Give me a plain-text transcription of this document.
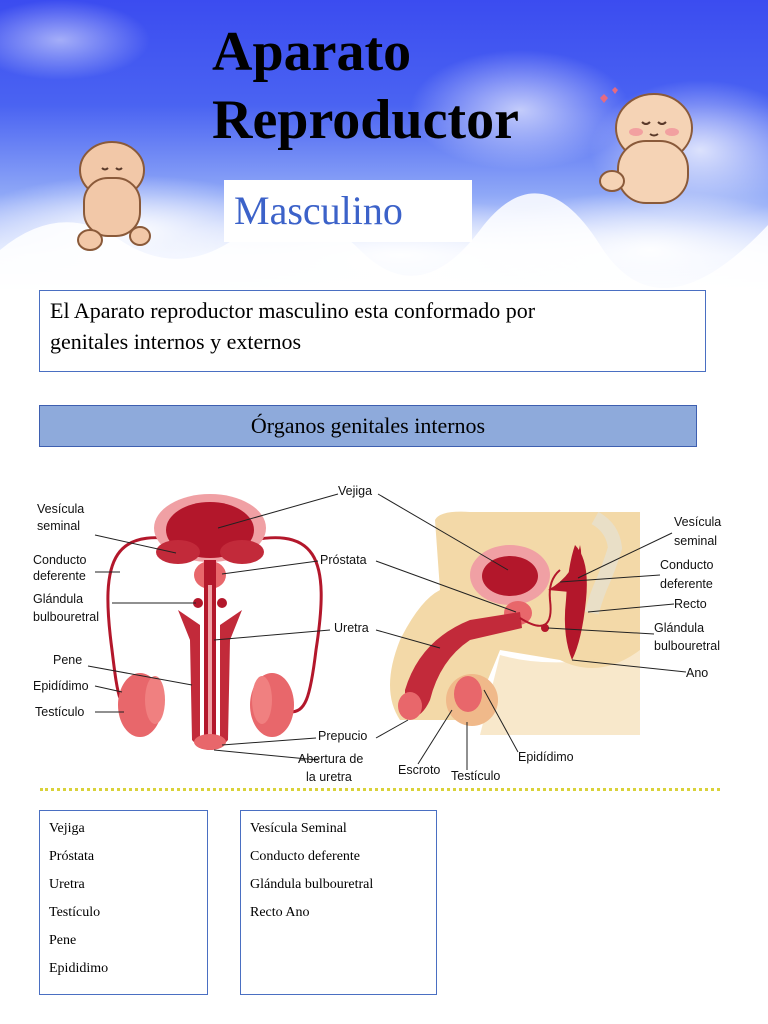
Aparato
Reproductor
Masculino
El Aparato reproductor masculino esta conformado por
genitales internos y externos
Órganos genitales internos
Vesícula
seminal
Conducto
deferente
Glándula
bulbouretral
Pene
Epidídimo
Testículo
Vejiga
Próstata
Uretra
Prepucio
Abertura de
la uretra
Vesícula
seminal
Conducto
deferente
Recto
Glándula
bulbouretral
Ano
Escroto Testículo
Epidídimo
Vejiga
Próstata
Uretra
Testículo
Pene
Epididimo
Vesícula Seminal
Conducto deferente
Glándula bulbouretral
Recto Ano
